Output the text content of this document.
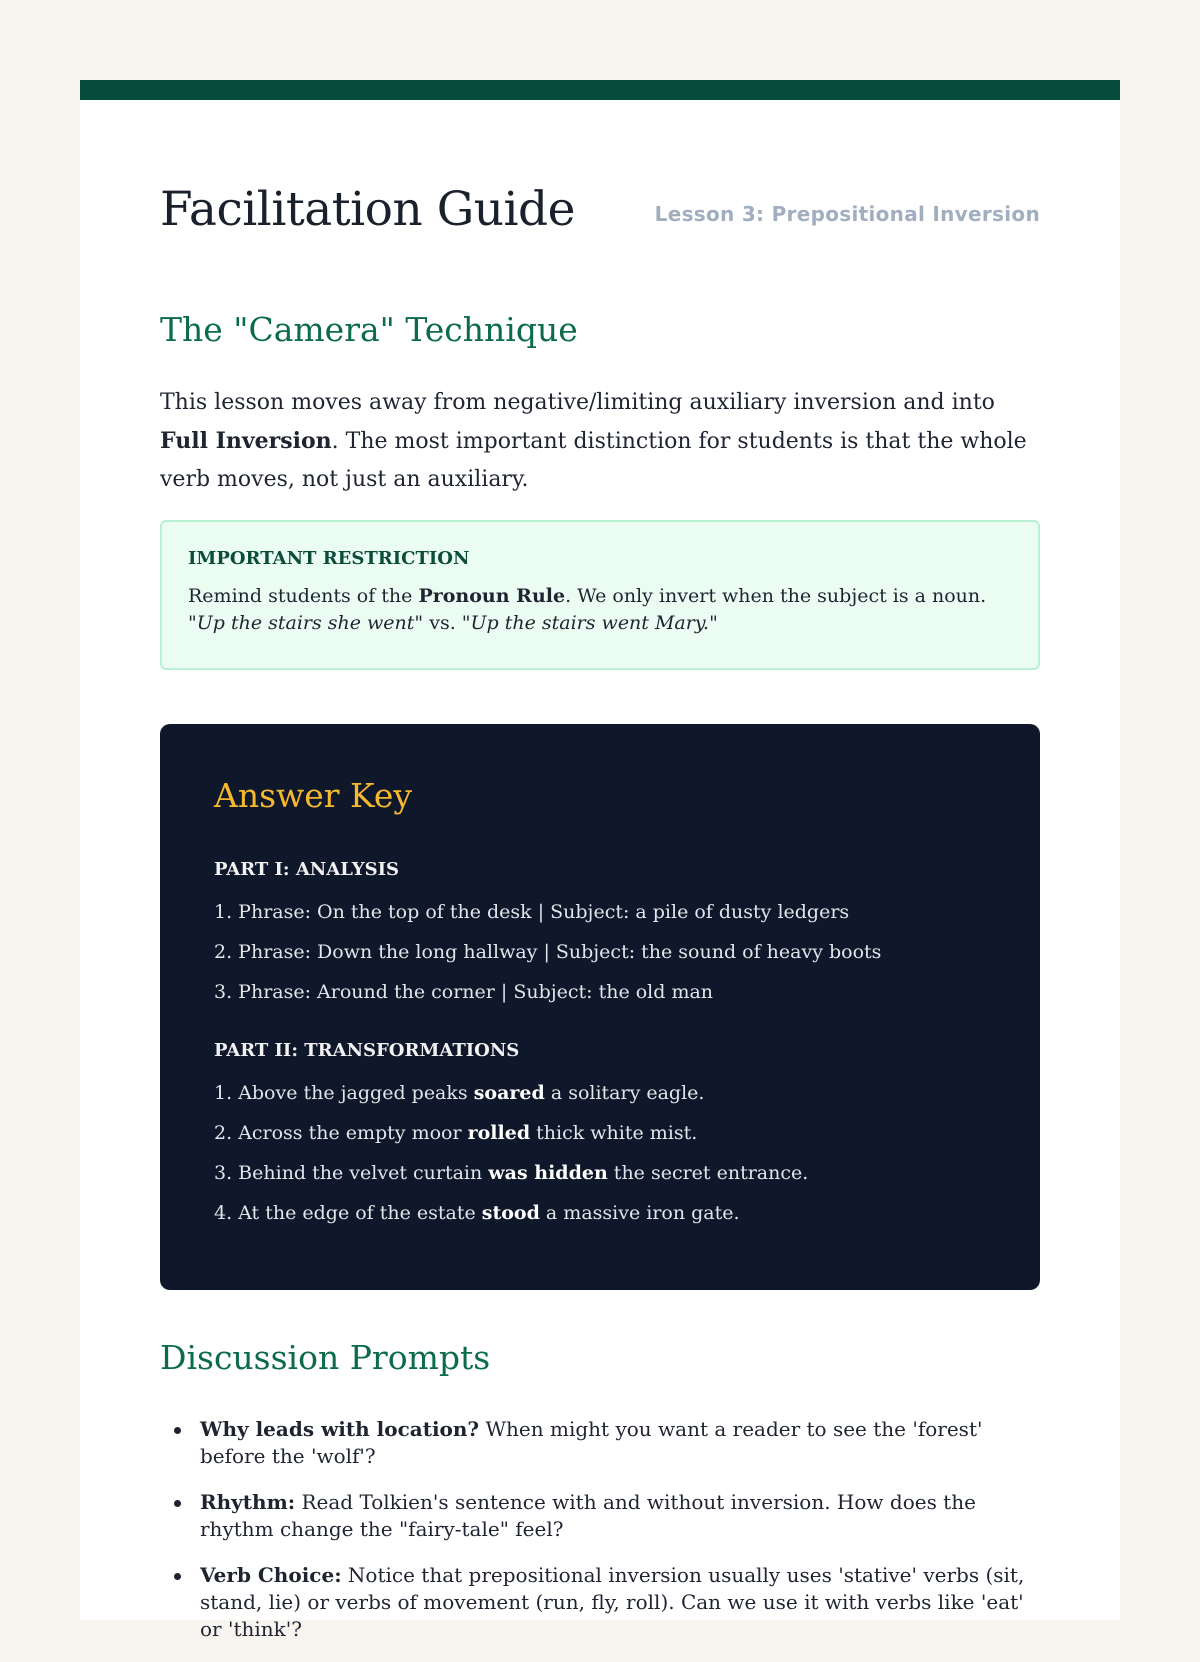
Facilitation Guide	Lesson 3: Prepositional Inversion
The "Camera" Technique

This lesson moves away from negative/limiting auxiliary inversion and into Full Inversion. The most important distinction for students is that the whole verb moves, not just an auxiliary.

IMPORTANT RESTRICTION
Remind students of the Pronoun Rule. We only invert when the subject is a noun.
"Up the stairs she went" vs. "Up the stairs went Mary."
Answer Key
PART I: ANALYSIS
1. Phrase: On the top of the desk | Subject: a pile of dusty ledgers
2. Phrase: Down the long hallway | Subject: the sound of heavy boots
3. Phrase: Around the corner | Subject: the old man
PART II: TRANSFORMATIONS
1. Above the jagged peaks soared a solitary eagle.
2. Across the empty moor rolled thick white mist.
3. Behind the velvet curtain was hidden the secret entrance.
4. At the edge of the estate stood a massive iron gate.
Discussion Prompts
Why leads with location? When might you want a reader to see the 'forest' before the 'wolf'?
Rhythm: Read Tolkien's sentence with and without inversion. How does the rhythm change the "fairy-tale" feel?
Verb Choice: Notice that prepositional inversion usually uses 'stative' verbs (sit, stand, lie) or verbs of movement (run, fly, roll). Can we use it with verbs like 'eat' or 'think'?
